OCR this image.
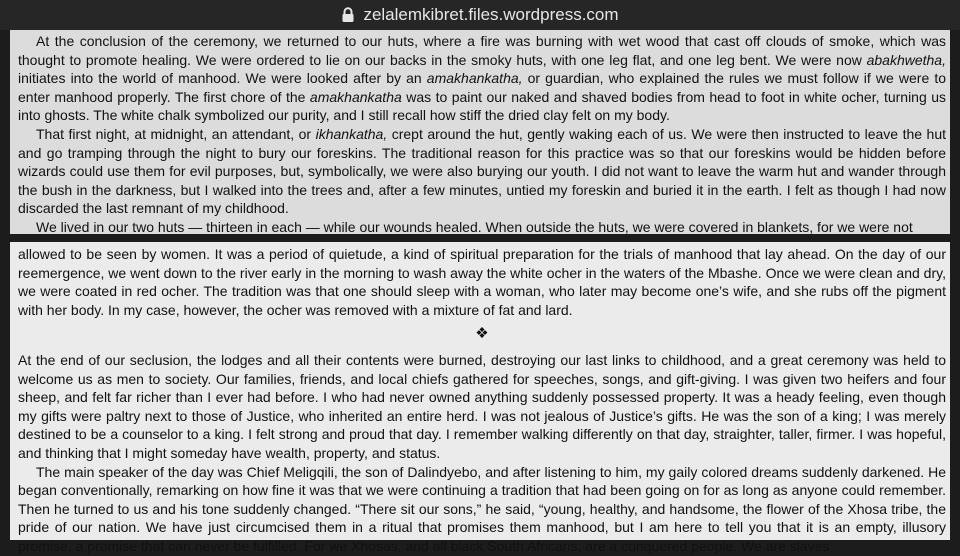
zelalemkibret.files.wordpress.com

At the conclusion of the ceremony, we returned to our huts, where a fire was burning with wet wood that cast off clouds of smoke, which was thought to promote healing. We were ordered to lie on our backs in the smoky huts, with one leg flat, and one leg bent. We were now abakhwetha, initiates into the world of manhood. We were looked after by an amakhankatha, or guardian, who explained the rules we must follow if we were to enter manhood properly. The first chore of the amakhankatha was to paint our naked and shaved bodies from head to foot in white ocher, turning us into ghosts. The white chalk symbolized our purity, and I still recall how stiff the dried clay felt on my body.

That first night, at midnight, an attendant, or ikhankatha, crept around the hut, gently waking each of us. We were then instructed to leave the hut and go tramping through the night to bury our foreskins. The traditional reason for this practice was so that our foreskins would be hidden before wizards could use them for evil purposes, but, symbolically, we were also burying our youth. I did not want to leave the warm hut and wander through the bush in the darkness, but I walked into the trees and, after a few minutes, untied my foreskin and buried it in the earth. I felt as though I had now discarded the last remnant of my childhood.

We lived in our two huts — thirteen in each — while our wounds healed. When outside the huts, we were covered in blankets, for we were not

allowed to be seen by women. It was a period of quietude, a kind of spiritual preparation for the trials of manhood that lay ahead. On the day of our reemergence, we went down to the river early in the morning to wash away the white ocher in the waters of the Mbashe. Once we were clean and dry, we were coated in red ocher. The tradition was that one should sleep with a woman, who later may become one’s wife, and she rubs off the pigment with her body. In my case, however, the ocher was removed with a mixture of fat and lard.

❖

At the end of our seclusion, the lodges and all their contents were burned, destroying our last links to childhood, and a great ceremony was held to welcome us as men to society. Our families, friends, and local chiefs gathered for speeches, songs, and gift-giving. I was given two heifers and four sheep, and felt far richer than I ever had before. I who had never owned anything suddenly possessed property. It was a heady feeling, even though my gifts were paltry next to those of Justice, who inherited an entire herd. I was not jealous of Justice’s gifts. He was the son of a king; I was merely destined to be a counselor to a king. I felt strong and proud that day. I remember walking differently on that day, straighter, taller, firmer. I was hopeful, and thinking that I might someday have wealth, property, and status.

The main speaker of the day was Chief Meligqili, the son of Dalindyebo, and after listening to him, my gaily colored dreams suddenly darkened. He began conventionally, remarking on how fine it was that we were continuing a tradition that had been going on for as long as anyone could remember. Then he turned to us and his tone suddenly changed. “There sit our sons,” he said, “young, healthy, and handsome, the flower of the Xhosa tribe, the pride of our nation. We have just circumcised them in a ritual that promises them manhood, but I am here to tell you that it is an empty, illusory promise, a promise that can never be fulfilled. For we Xhosas, and all black South Africans, are a conquered people. We are slaves
